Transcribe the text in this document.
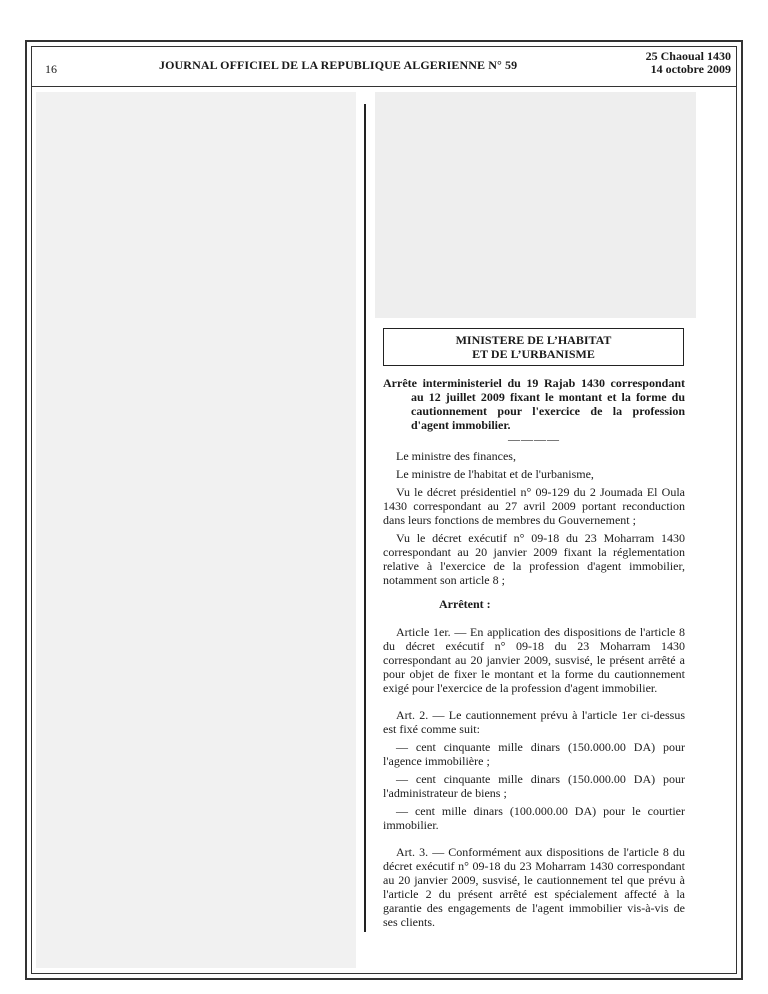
16	JOURNAL OFFICIEL DE LA REPUBLIQUE ALGERIENNE N° 59
25 Chaoual 1430
14 octobre 2009
MINISTERE DE L’HABITAT
ET DE L’URBANISME

Arrête interministeriel du 19 Rajab 1430 correspondant au 12 juillet 2009 fixant le montant et la forme du cautionnement pour l'exercice de la profession d'agent immobilier.

————

Le ministre des finances,

Le ministre de l'habitat et de l'urbanisme,

Vu le décret présidentiel n° 09-129 du 2 Joumada El Oula 1430 correspondant au 27 avril 2009 portant reconduction dans leurs fonctions de membres du Gouvernement ;

Vu le décret exécutif n° 09-18 du 23 Moharram 1430 correspondant au 20 janvier 2009 fixant la réglementation relative à l'exercice de la profession d'agent immobilier, notamment son article 8 ;

Arrêtent :

Article 1er. — En application des dispositions de l'article 8 du décret exécutif n° 09-18 du 23 Moharram 1430 correspondant au 20 janvier 2009, susvisé, le présent arrêté a pour objet de fixer le montant et la forme du cautionnement exigé pour l'exercice de la profession d'agent immobilier.

Art. 2. — Le cautionnement prévu à l'article 1er ci-dessus est fixé comme suit:

— cent cinquante mille dinars (150.000.00 DA) pour l'agence immobilière ;

— cent cinquante mille dinars (150.000.00 DA) pour l'administrateur de biens ;

— cent mille dinars (100.000.00 DA) pour le courtier immobilier.

Art. 3. — Conformément aux dispositions de l'article 8 du décret exécutif n° 09-18 du 23 Moharram 1430 correspondant au 20 janvier 2009, susvisé, le cautionnement tel que prévu à l'article 2 du présent arrêté est spécialement affecté à la garantie des engagements de l'agent immobilier vis-à-vis de ses clients.
